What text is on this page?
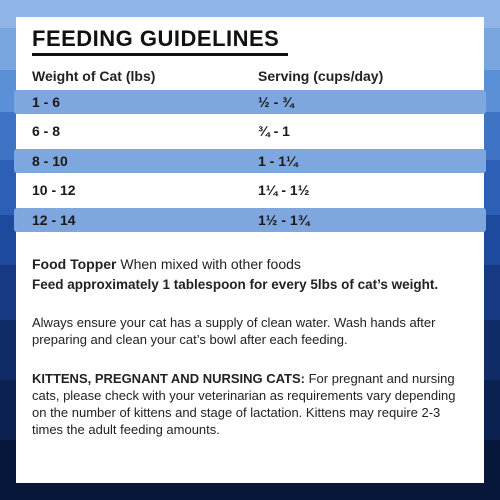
FEEDING GUIDELINES
Weight of Cat (lbs)	Serving (cups/day)
1 - 6	½ - ¾
6 - 8	¾ - 1
8 - 10	1 - 1¼
10 - 12	1¼ - 1½
12 - 14	1½ - 1¾
Food Topper When mixed with other foods
Feed approximately 1 tablespoon for every 5lbs of cat’s weight.
Always ensure your cat has a supply of clean water. Wash hands after preparing and clean your cat’s bowl after each feeding.
KITTENS, PREGNANT AND NURSING CATS: For pregnant and nursing cats, please check with your veterinarian as requirements vary depending on the number of kittens and stage of lactation. Kittens may require 2-3 times the adult feeding amounts.
